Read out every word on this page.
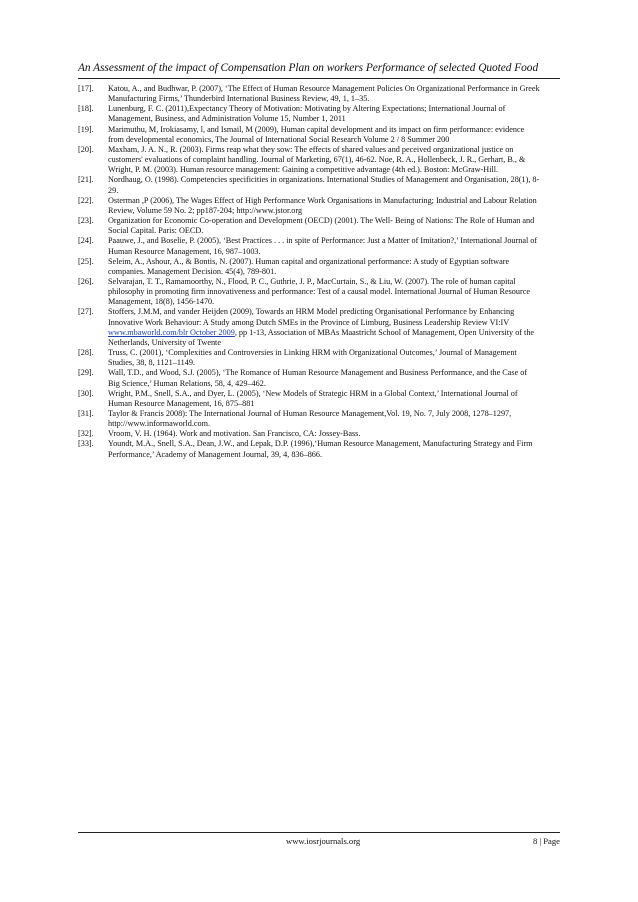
An Assessment of the impact of Compensation Plan on workers Performance of selected Quoted Food
[17].	Katou, A., and Budhwar, P. (2007), ‘The Effect of Human Resource Management Policies On Organizational Performance in Greek
Manufacturing Firms,’ Thunderbird International Business Review, 49, 1, 1–35.
[18].	Lunenburg, F. C. (2011),Expectancy Theory of Motivation: Motivating by Altering Expectations; International Journal of
Management, Business, and Administration Volume 15, Number 1, 2011
[19].	Marimuthu, M, Irokiasamy, l, and Ismail, M (2009), Human capital development and its impact on firm performance: evidence
from developmental economics, The Journal of International Social Research Volume 2 / 8 Summer 200
[20].	Maxham, J. A. N., R. (2003). Firms reap what they sow: The effects of shared values and peceived organizational justice on
customers' evaluations of complaint handling. Journal of Marketing, 67(1), 46-62. Noe, R. A., Hollenbeck, J. R., Gerhart, B., &
Wright, P. M. (2003). Human resource management: Gaining a competitive advantage (4th ed.). Boston: McGraw-Hill.
[21].	Nordhaug, O. (1998). Competencies specificities in organizations. International Studies of Management and Organisation, 28(1), 8-
29.
[22].	Osterman ,P (2006), The Wages Effect of High Performance Work Organisations in Manufacturing; Industrial and Labour Relation
Review, Volume 59 No. 2; pp187-204; http://www.jstor.org
[23].	Organization for Economic Co-operation and Development (OECD) (2001). The Well- Being of Nations: The Role of Human and
Social Capital. Paris: OECD.
[24].	Paauwe, J., and Boselie, P. (2005), ‘Best Practices . . . in spite of Performance: Just a Matter of Imitation?,’ International Journal of
Human Resource Management, 16, 987–1003.
[25].	Seleim, A., Ashour, A., & Bontis, N. (2007). Human capital and organizational performance: A study of Egyptian software
companies. Management Decision. 45(4), 789-801.
[26].	Selvarajan, T. T., Ramamoorthy, N., Flood, P. C., Guthrie, J. P., MacCurtain, S., & Liu, W. (2007). The role of human capital
philosophy in promoting firm innovativeness and performance: Test of a causal model. International Journal of Human Resource
Management, 18(8), 1456-1470.
[27].	Stoffers, J.M.M, and vander Heijden (2009), Towards an HRM Model predicting Organisational Performance by Enhancing
Innovative Work Behaviour: A Study among Dutch SMEs in the Province of Limburg, Business Leadership Review VI:IV
www.mbaworld.com/blr October 2009, pp 1-13, Association of MBAs Maastricht School of Management, Open University of the
Netherlands, University of Twente
[28].	Truss, C. (2001), ‘Complexities and Controversies in Linking HRM with Organizational Outcomes,’ Journal of Management
Studies, 38, 8, 1121–1149.
[29].	Wall, T.D., and Wood, S.J. (2005), ‘The Romance of Human Resource Management and Business Performance, and the Case of
Big Science,’ Human Relations, 58, 4, 429–462.
[30].	Wright, P.M., Snell, S.A., and Dyer, L. (2005), ‘New Models of Strategic HRM in a Global Context,’ International Journal of
Human Resource Management, 16, 875–881
[31].	Taylor & Francis 2008): The International Journal of Human Resource Management,Vol. 19, No. 7, July 2008, 1278–1297,
http://www.informaworld.com.
[32].	Vroom, V. H. (1964). Work and motivation. San Francisco, CA: Jossey-Bass.
[33].	Youndt, M.A., Snell, S.A., Dean, J.W., and Lepak, D.P. (1996),‘Human Resource Management, Manufacturing Strategy and Firm
Performance,’ Academy of Management Journal, 39, 4, 836–866.
www.iosrjournals.org	8 | Page
